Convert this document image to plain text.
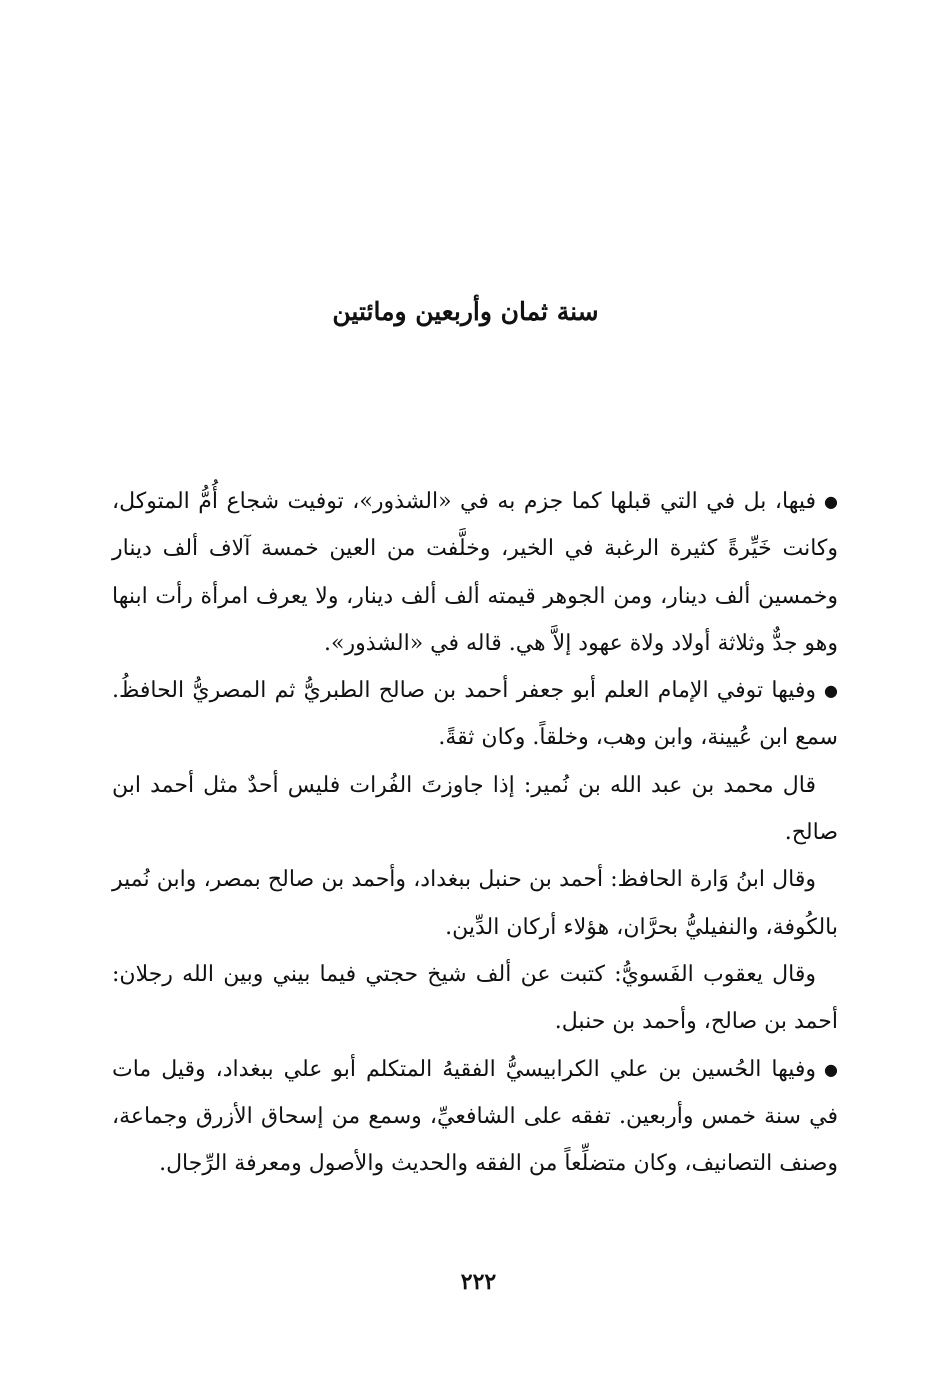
سنة ثمان وأربعين ومائتين

●فيها، بل في التي قبلها كما جزم به في «الشذور»، توفيت شجاع أُمُّ المتوكل، وكانت خَيِّرةً كثيرة الرغبة في الخير، وخلَّفت من العين خمسة آلاف ألف دينار وخمسين ألف دينار، ومن الجوهر قيمته ألف ألف دينار، ولا يعرف امرأة رأت ابنها وهو جدٌّ وثلاثة أولاد ولاة عهود إلاَّ هي. قاله في «الشذور».

●وفيها توفي الإمام العلم أبو جعفر أحمد بن صالح الطبريُّ ثم المصريُّ الحافظُ. سمع ابن عُيينة، وابن وهب، وخلقاً. وكان ثقةً.

قال محمد بن عبد الله بن نُمير: إذا جاوزتَ الفُرات فليس أحدٌ مثل أحمد ابن صالح.

وقال ابنُ وَارة الحافظ: أحمد بن حنبل ببغداد، وأحمد بن صالح بمصر، وابن نُمير بالكُوفة، والنفيليُّ بحرَّان، هؤلاء أركان الدِّين.

وقال يعقوب الفَسويُّ: كتبت عن ألف شيخ حجتي فيما بيني وبين الله رجلان: أحمد بن صالح، وأحمد بن حنبل.

●وفيها الحُسين بن علي الكرابيسيُّ الفقيهُ المتكلم أبو علي ببغداد، وقيل مات في سنة خمس وأربعين. تفقه على الشافعيِّ، وسمع من إسحاق الأزرق وجماعة، وصنف التصانيف، وكان متضلِّعاً من الفقه والحديث والأصول ومعرفة الرِّجال.

٢٢٢
